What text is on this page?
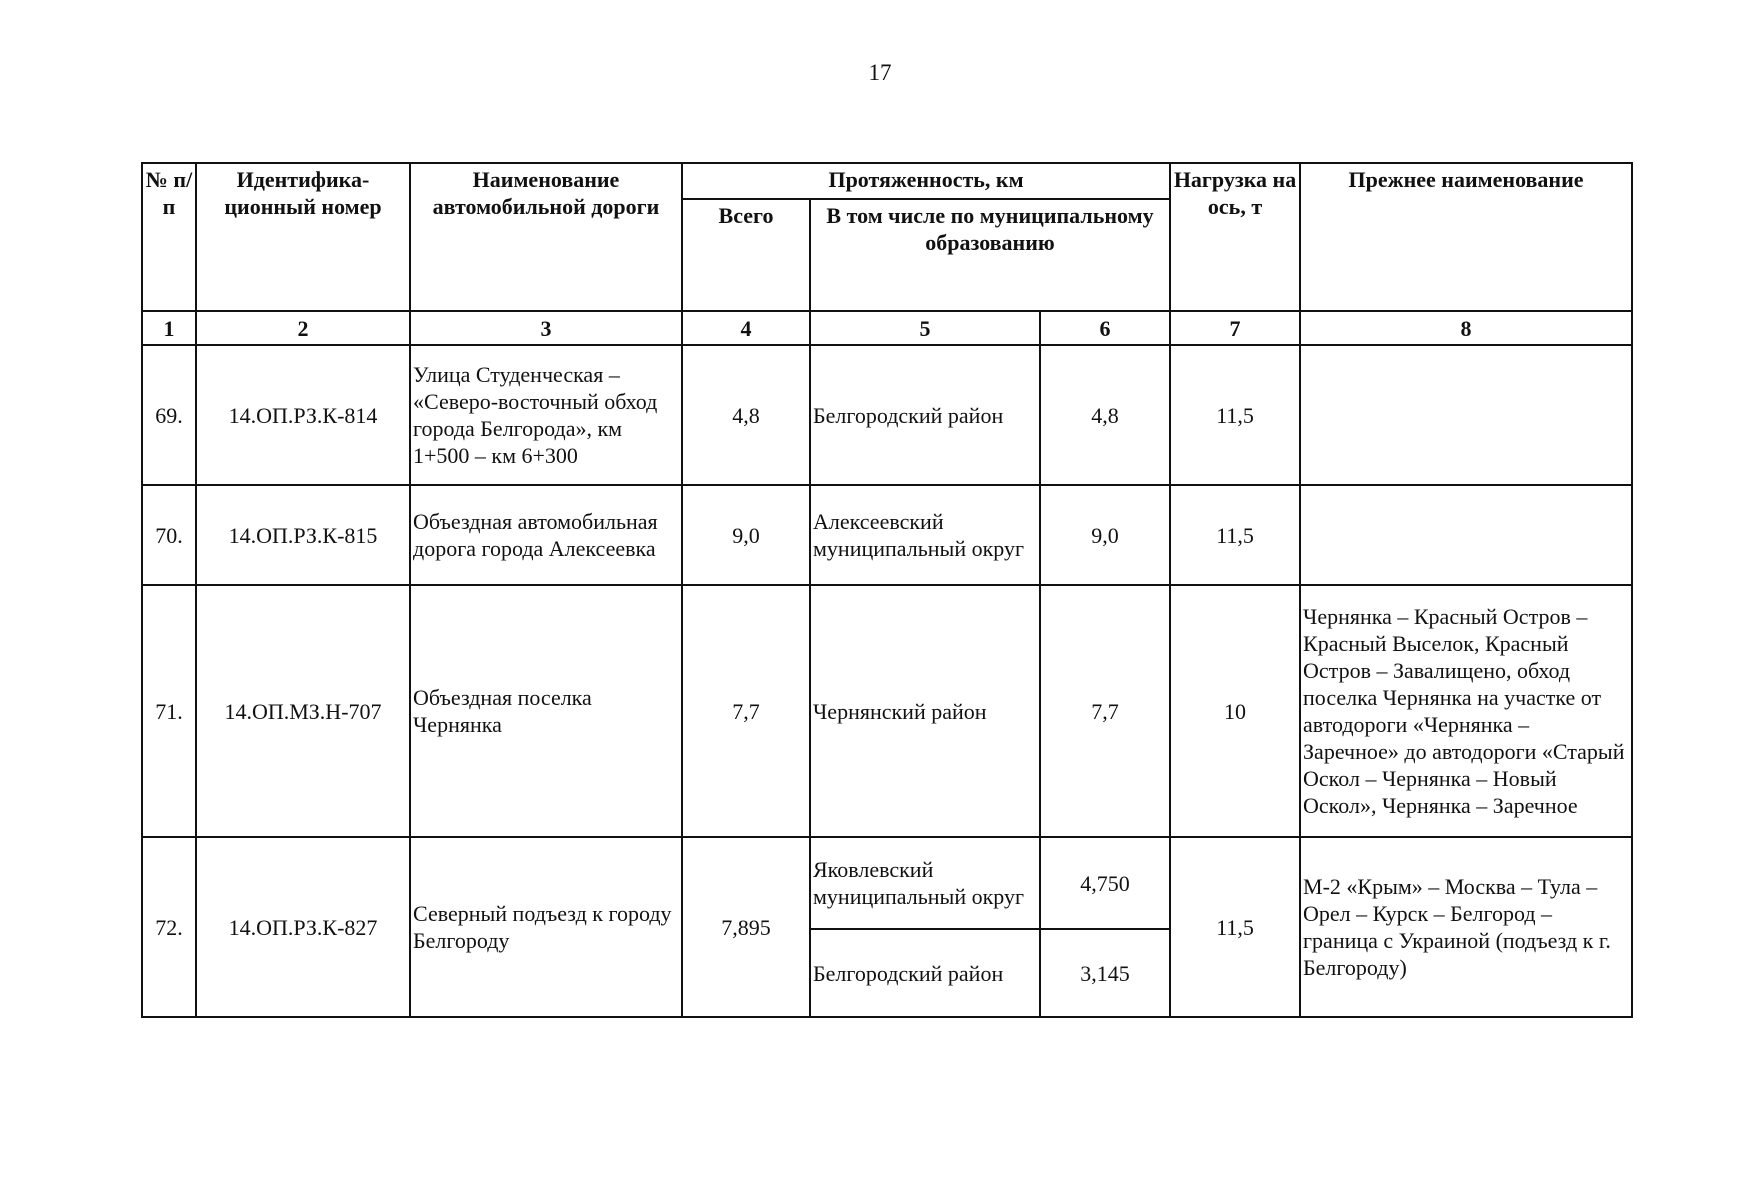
17
№ п/п	Идентифика-ционный номер	Наименование автомобильной дороги	Протяженность, км			Нагрузка на ось, т	Прежнее наименование
			Всего	В том числе по муниципальному образованию			
1	2	3	4	5	6	7	8
69.	14.ОП.РЗ.К-814	Улица Студенческая – «Северо-восточный обход города Белгорода», км 1+500 – км 6+300	4,8	Белгородский район	4,8	11,5	
70.	14.ОП.РЗ.К-815	Объездная автомобильная дорога города Алексеевка	9,0	Алексеевский муниципальный округ	9,0	11,5	
71.	14.ОП.МЗ.Н-707	Объездная поселка Чернянка	7,7	Чернянский район	7,7	10	Чернянка – Красный Остров – Красный Выселок, Красный Остров – Завалищено, обход поселка Чернянка на участке от автодороги «Чернянка – Заречное» до автодороги «Старый Оскол – Чернянка – Новый Оскол», Чернянка – Заречное
72.	14.ОП.РЗ.К-827	Северный подъезд к городу Белгороду	7,895	Яковлевский муниципальный округ	4,750	11,5	М-2 «Крым» – Москва – Тула – Орел – Курск – Белгород – граница с Украиной (подъезд к г. Белгороду)
				Белгородский район	3,145		
